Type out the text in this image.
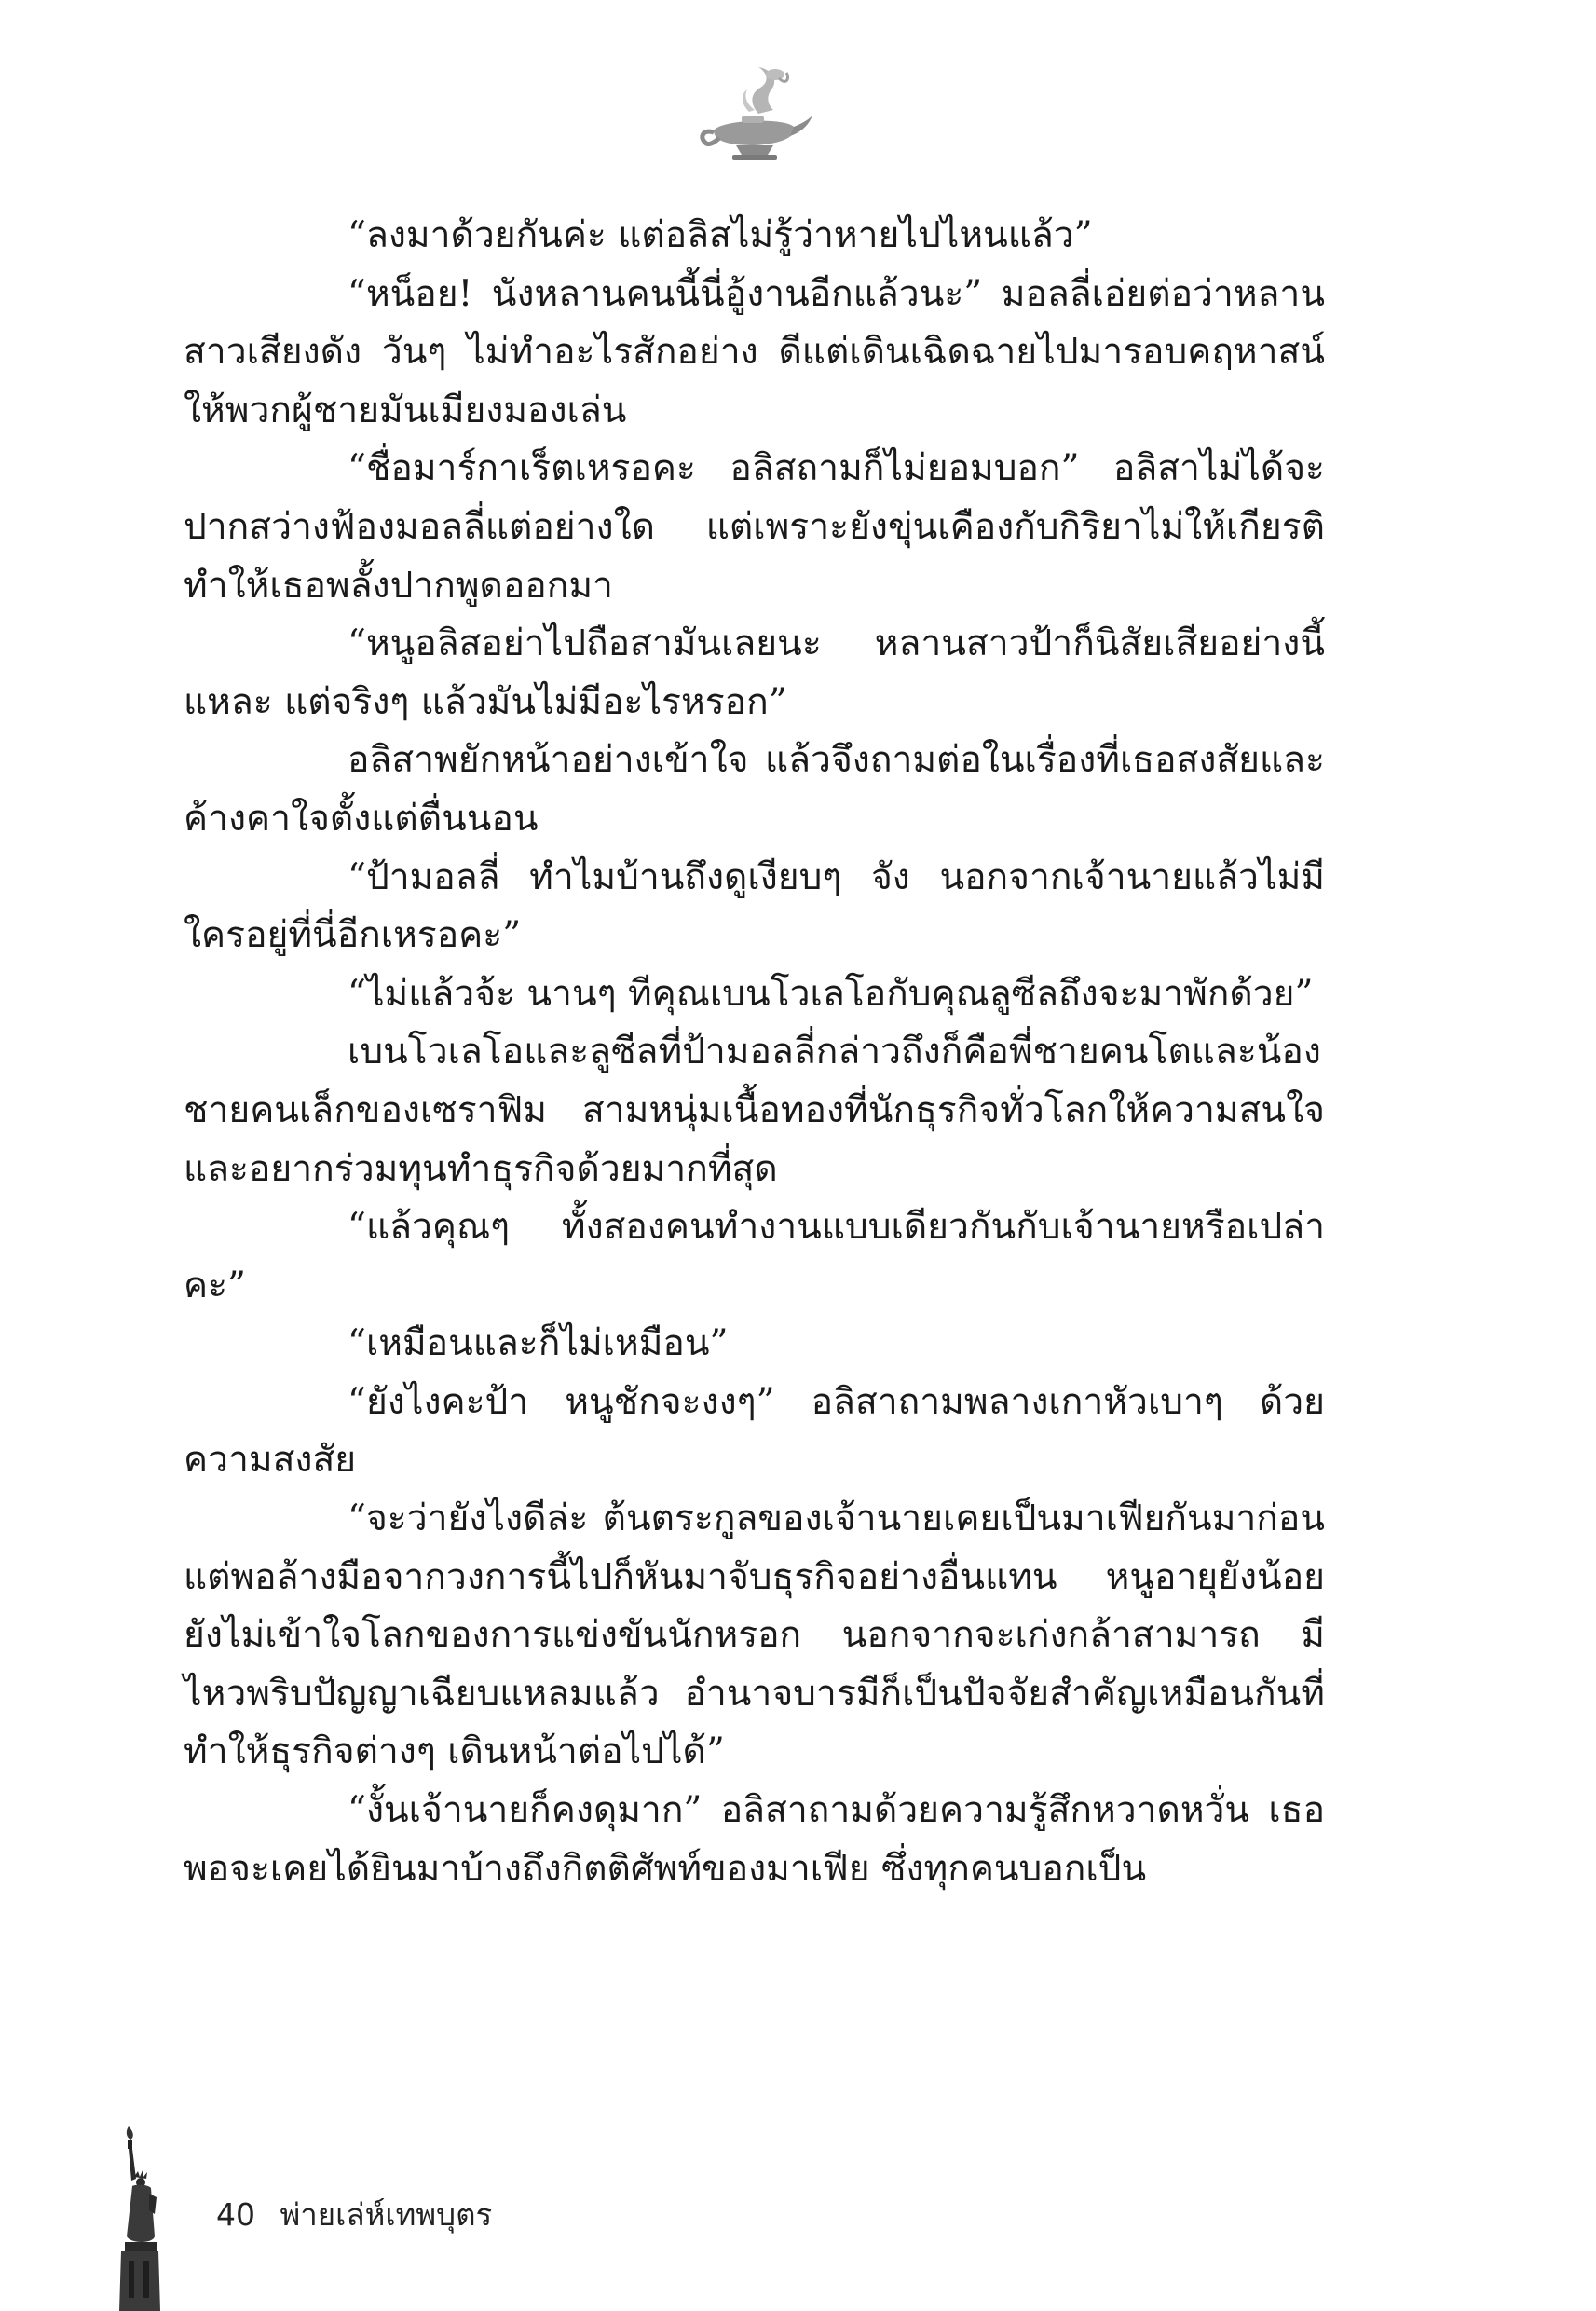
“ลงมาด้วยกันค่ะ แต่อลิสไม่รู้ว่าหายไปไหนแล้ว”

“หน็อย! นังหลานคนนี้นี่อู้งานอีกแล้วนะ” มอลลี่เอ่ยต่อว่าหลานสาวเสียงดัง วันๆ ไม่ทำอะไรสักอย่าง ดีแต่เดินเฉิดฉายไปมารอบคฤหาสน์ให้พวกผู้ชายมันเมียงมองเล่น

“ชื่อมาร์กาเร็ตเหรอคะ อลิสถามก็ไม่ยอมบอก” อลิสาไม่ได้จะปากสว่างฟ้องมอลลี่แต่อย่างใด แต่เพราะยังขุ่นเคืองกับกิริยาไม่ให้เกียรติทำให้เธอพลั้งปากพูดออกมา

“หนูอลิสอย่าไปถือสามันเลยนะ หลานสาวป้าก็นิสัยเสียอย่างนี้แหละ แต่จริงๆ แล้วมันไม่มีอะไรหรอก”

อลิสาพยักหน้าอย่างเข้าใจ แล้วจึงถามต่อในเรื่องที่เธอสงสัยและค้างคาใจตั้งแต่ตื่นนอน

“ป้ามอลลี่ ทำไมบ้านถึงดูเงียบๆ จัง นอกจากเจ้านายแล้วไม่มีใครอยู่ที่นี่อีกเหรอคะ”

“ไม่แล้วจ้ะ นานๆ ทีคุณเบนโวเลโอกับคุณลูซีลถึงจะมาพักด้วย”

เบนโวเลโอและลูซีลที่ป้ามอลลี่กล่าวถึงก็คือพี่ชายคนโตและน้องชายคนเล็กของเซราฟิม สามหนุ่มเนื้อทองที่นักธุรกิจทั่วโลกให้ความสนใจและอยากร่วมทุนทำธุรกิจด้วยมากที่สุด

“แล้วคุณๆ ทั้งสองคนทำงานแบบเดียวกันกับเจ้านายหรือเปล่าคะ”

“เหมือนและก็ไม่เหมือน”

“ยังไงคะป้า หนูชักจะงงๆ” อลิสาถามพลางเกาหัวเบาๆ ด้วยความสงสัย

“จะว่ายังไงดีล่ะ ต้นตระกูลของเจ้านายเคยเป็นมาเฟียกันมาก่อน แต่พอล้างมือจากวงการนี้ไปก็หันมาจับธุรกิจอย่างอื่นแทน หนูอายุยังน้อยยังไม่เข้าใจโลกของการแข่งขันนักหรอก นอกจากจะเก่งกล้าสามารถ มีไหวพริบปัญญาเฉียบแหลมแล้ว อำนาจบารมีก็เป็นปัจจัยสำคัญเหมือนกันที่ทำให้ธุรกิจต่างๆ เดินหน้าต่อไปได้”

“งั้นเจ้านายก็คงดุมาก” อลิสาถามด้วยความรู้สึกหวาดหวั่น เธอพอจะเคยได้ยินมาบ้างถึงกิตติศัพท์ของมาเฟีย ซึ่งทุกคนบอกเป็น

40 พ่ายเล่ห์เทพบุตร
